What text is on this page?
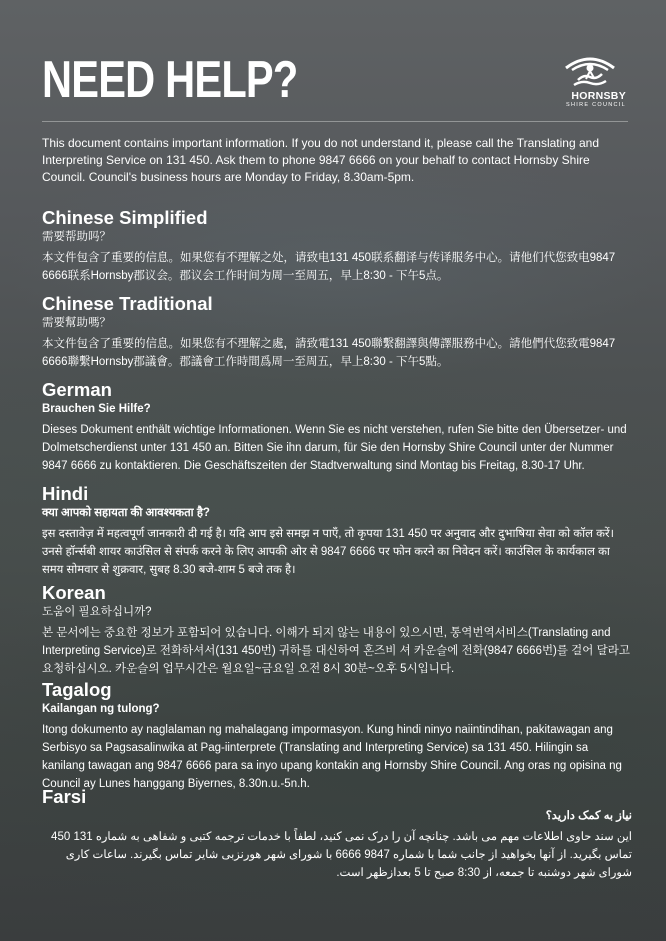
NEED HELP?	HORNSBY
SHIRE COUNCIL

This document contains important information. If you do not understand it, please call the Translating and Interpreting Service on 131 450. Ask them to phone 9847 6666 on your behalf to contact Hornsby Shire Council. Council's business hours are Monday to Friday, 8.30am-5pm.

Chinese Simplified

需要帮助吗？

本文件包含了重要的信息。如果您有不理解之处，请致电131 450联系翻译与传译服务中心。请他们代您致电9847 6666联系Hornsby郡议会。郡议会工作时间为周一至周五，早上8:30 - 下午5点。

Chinese Traditional

需要幫助嗎？

本文件包含了重要的信息。如果您有不理解之處，請致電131 450聯繫翻譯與傳譯服務中心。請他們代您致電9847 6666聯繫Hornsby郡議會。郡議會工作時間爲周一至周五，早上8:30 - 下午5點。

German

Brauchen Sie Hilfe?

Dieses Dokument enthält wichtige Informationen. Wenn Sie es nicht verstehen, rufen Sie bitte den Übersetzer- und Dolmetscherdienst unter 131 450 an. Bitten Sie ihn darum, für Sie den Hornsby Shire Council unter der Nummer 9847 6666 zu kontaktieren. Die Geschäftszeiten der Stadtverwaltung sind Montag bis Freitag, 8.30-17 Uhr.

Hindi

क्या आपको सहायता की आवश्यकता है?

इस दस्तावेज़ में महत्वपूर्ण जानकारी दी गई है। यदि आप इसे समझ न पाएँ, तो कृपया 131 450 पर अनुवाद और दुभाषिया सेवा को कॉल करें। उनसे हॉर्न्सबी शायर काउंसिल से संपर्क करने के लिए आपकी ओर से 9847 6666 पर फोन करने का निवेदन करें। काउंसिल के कार्यकाल का समय सोमवार से शुक्रवार, सुबह 8.30 बजे-शाम 5 बजे तक है।

Korean

도움이 필요하십니까?

본 문서에는 중요한 정보가 포함되어 있습니다. 이해가 되지 않는 내용이 있으시면, 통역번역서비스(Translating and Interpreting Service)로 전화하셔서(131 450번) 귀하를 대신하여 혼즈비 셔 카운슬에 전화(9847 6666번)를 걸어 달라고 요청하십시오. 카운슬의 업무시간은 월요일~금요일 오전 8시 30분~오후 5시입니다.

Tagalog

Kailangan ng tulong?

Itong dokumento ay naglalaman ng mahalagang impormasyon. Kung hindi ninyo naiintindihan, pakitawagan ang Serbisyo sa Pagsasalinwika at Pag-iinterprete (Translating and Interpreting Service) sa 131 450. Hilingin sa kanilang tawagan ang 9847 6666 para sa inyo upang kontakin ang Hornsby Shire Council. Ang oras ng opisina ng Council ay Lunes hanggang Biyernes, 8.30n.u.-5n.h.

Farsi

نیاز به کمک دارید؟

این سند حاوی اطلاعات مهم می باشد. چنانچه آن را درک نمی کنید، لطفاً با خدمات ترجمه کتبی و شفاهی به شماره 131 450 تماس بگیرید. از آنها بخواهید از جانب شما با شماره 9847 6666 با شورای شهر هورنزبی شایر تماس بگیرند. ساعات کاری شورای شهر دوشنبه تا جمعه، از 8:30 صبح تا 5 بعدازظهر است.
